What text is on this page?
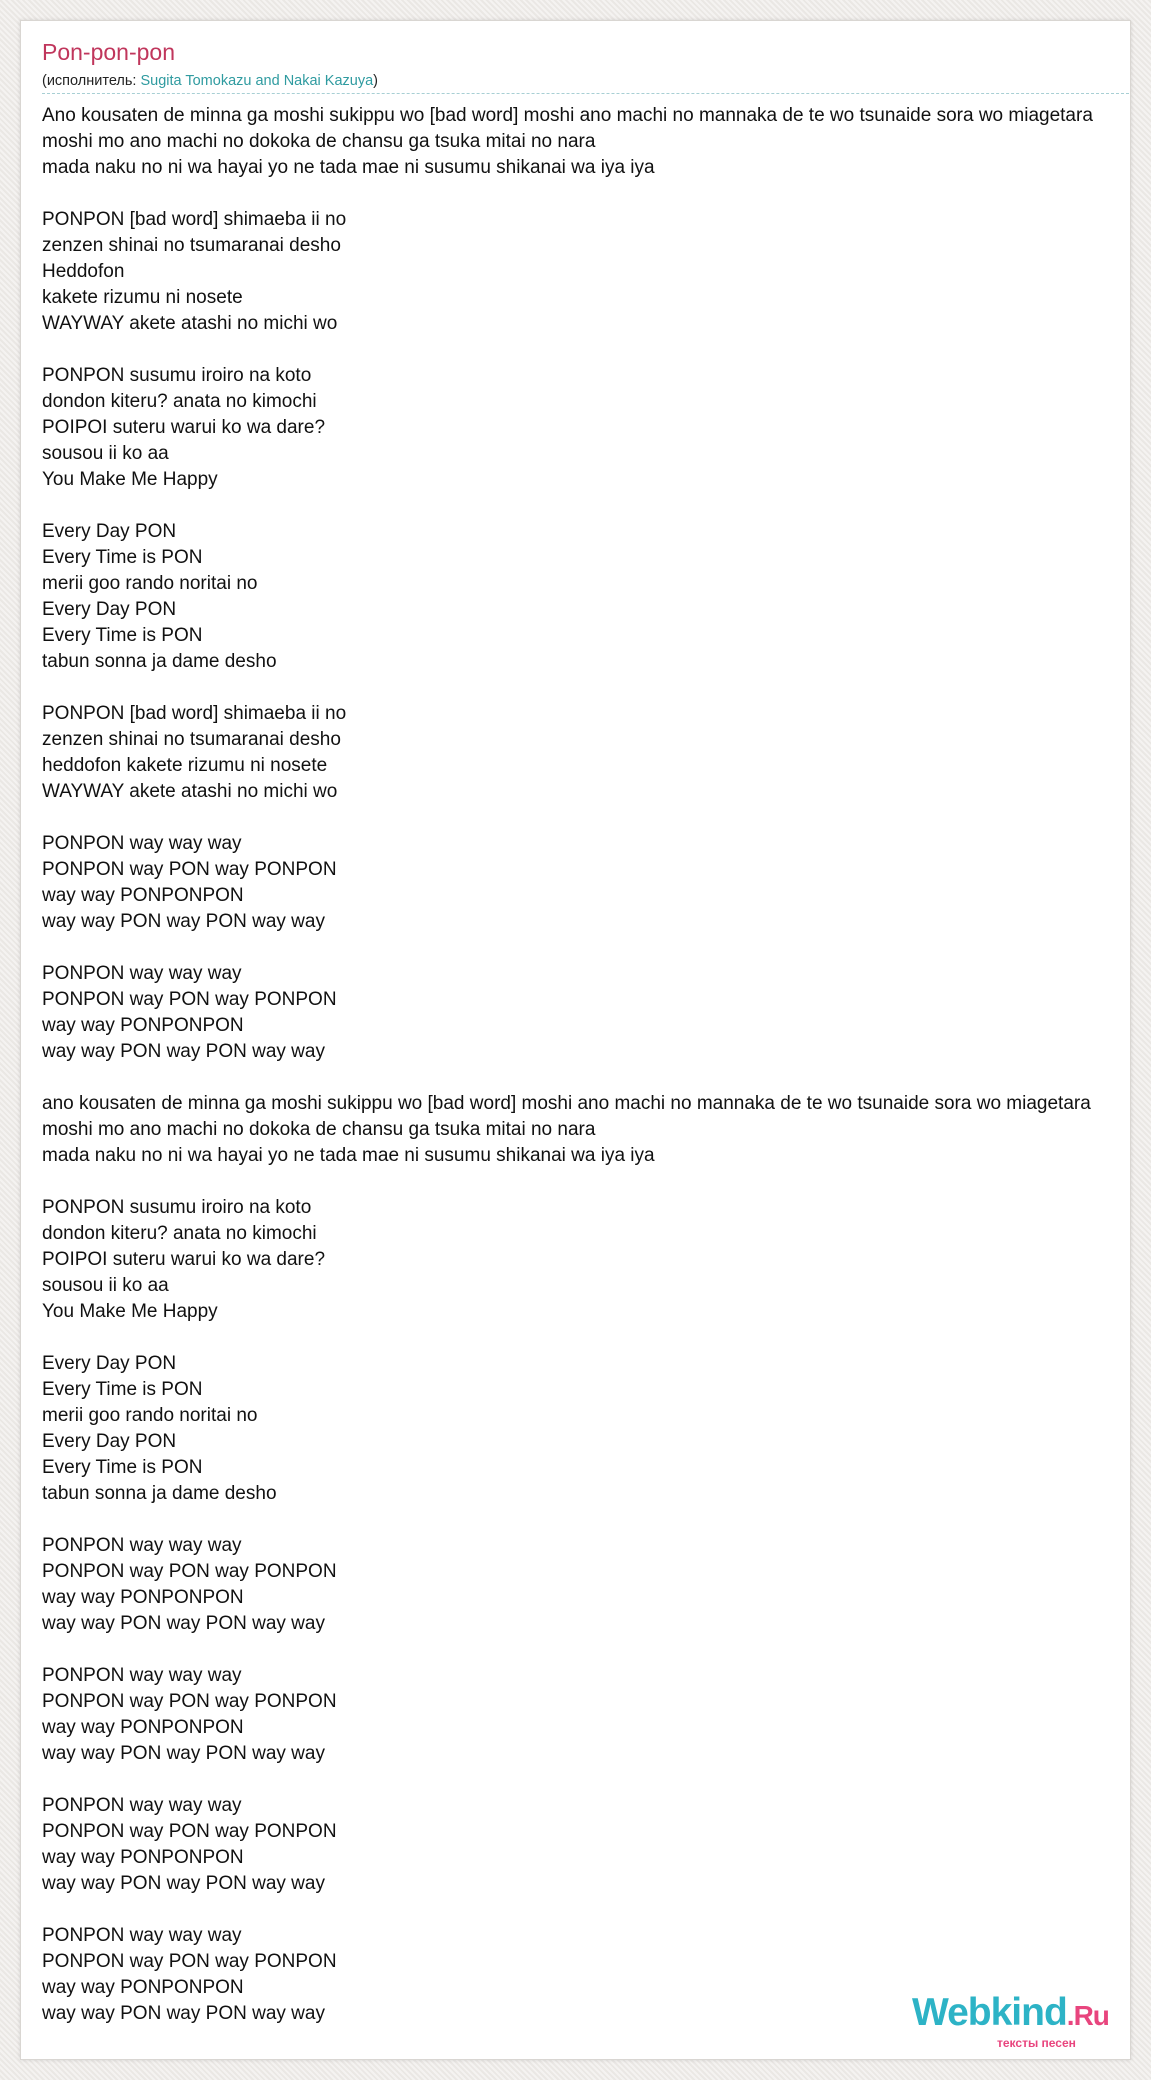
Pon-pon-pon
(исполнитель: Sugita Tomokazu and Nakai Kazuya)
Ano kousaten de minna ga moshi sukippu wo [bad word] moshi ano machi no mannaka de te wo tsunaide sora wo miagetara
moshi mo ano machi no dokoka de chansu ga tsuka mitai no nara
mada naku no ni wa hayai yo ne tada mae ni susumu shikanai wa iya iya
PONPON [bad word] shimaeba ii no
zenzen shinai no tsumaranai desho
Heddofon
kakete rizumu ni nosete
WAYWAY akete atashi no michi wo
PONPON susumu iroiro na koto
dondon kiteru? anata no kimochi
POIPOI suteru warui ko wa dare?
sousou ii ko aa
You Make Me Happy
Every Day PON
Every Time is PON
merii goo rando noritai no
Every Day PON
Every Time is PON
tabun sonna ja dame desho
PONPON [bad word] shimaeba ii no
zenzen shinai no tsumaranai desho
heddofon kakete rizumu ni nosete
WAYWAY akete atashi no michi wo
PONPON way way way
PONPON way PON way PONPON
way way PONPONPON
way way PON way PON way way
PONPON way way way
PONPON way PON way PONPON
way way PONPONPON
way way PON way PON way way
ano kousaten de minna ga moshi sukippu wo [bad word] moshi ano machi no mannaka de te wo tsunaide sora wo miagetara
moshi mo ano machi no dokoka de chansu ga tsuka mitai no nara
mada naku no ni wa hayai yo ne tada mae ni susumu shikanai wa iya iya
PONPON susumu iroiro na koto
dondon kiteru? anata no kimochi
POIPOI suteru warui ko wa dare?
sousou ii ko aa
You Make Me Happy
Every Day PON
Every Time is PON
merii goo rando noritai no
Every Day PON
Every Time is PON
tabun sonna ja dame desho
PONPON way way way
PONPON way PON way PONPON
way way PONPONPON
way way PON way PON way way
PONPON way way way
PONPON way PON way PONPON
way way PONPONPON
way way PON way PON way way
PONPON way way way
PONPON way PON way PONPON
way way PONPONPON
way way PON way PON way way
PONPON way way way
PONPON way PON way PONPON
way way PONPONPON
way way PON way PON way way	Webkind.Ru
тексты песен
